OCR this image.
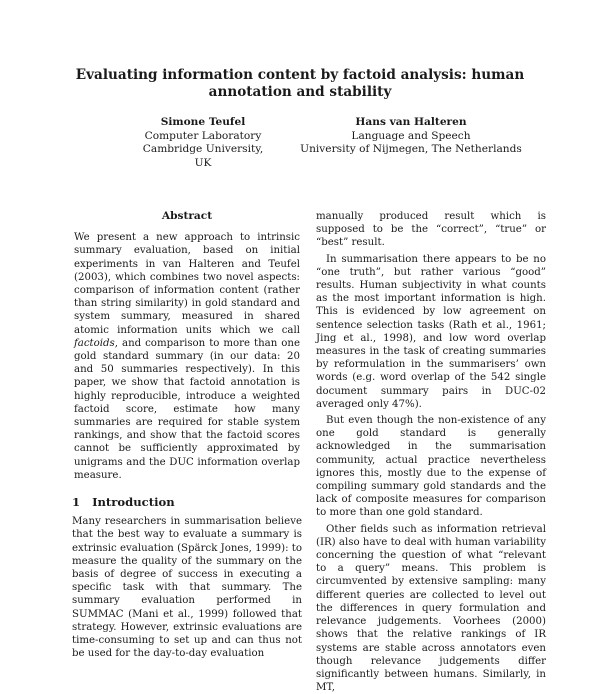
Evaluating information content by factoid analysis: human annotation and stability
Simone Teufel
Computer Laboratory
Cambridge University, UK
Hans van Halteren
Language and Speech
University of Nijmegen, The Netherlands
Abstract

We present a new approach to intrinsic summary evaluation, based on initial experiments in van Halteren and Teufel (2003), which combines two novel aspects: comparison of information content (rather than string similarity) in gold standard and system summary, measured in shared atomic information units which we call factoids, and comparison to more than one gold standard summary (in our data: 20 and 50 summaries respectively). In this paper, we show that factoid annotation is highly reproducible, introduce a weighted factoid score, estimate how many summaries are required for stable system rankings, and show that the factoid scores cannot be sufficiently approximated by unigrams and the DUC information overlap measure.

1 Introduction

Many researchers in summarisation believe that the best way to evaluate a summary is extrinsic evaluation (Spärck Jones, 1999): to measure the quality of the summary on the basis of degree of success in executing a specific task with that summary. The summary evaluation performed in SUMMAC (Mani et al., 1999) followed that strategy. However, extrinsic evaluations are time-consuming to set up and can thus not be used for the day-to-day evaluation

manually produced result which is supposed to be the “correct”, “true” or “best” result.

In summarisation there appears to be no “one truth”, but rather various “good” results. Human subjectivity in what counts as the most important information is high. This is evidenced by low agreement on sentence selection tasks (Rath et al., 1961; Jing et al., 1998), and low word overlap measures in the task of creating summaries by reformulation in the summarisers’ own words (e.g. word overlap of the 542 single document summary pairs in DUC-02 averaged only 47%).

But even though the non-existence of any one gold standard is generally acknowledged in the summarisation community, actual practice nevertheless ignores this, mostly due to the expense of compiling summary gold standards and the lack of composite measures for comparison to more than one gold standard.

Other fields such as information retrieval (IR) also have to deal with human variability concerning the question of what “relevant to a query” means. This problem is circumvented by extensive sampling: many different queries are collected to level out the differences in query formulation and relevance judgements. Voorhees (2000) shows that the relative rankings of IR systems are stable across annotators even though relevance judgements differ significantly between humans. Similarly, in MT,
